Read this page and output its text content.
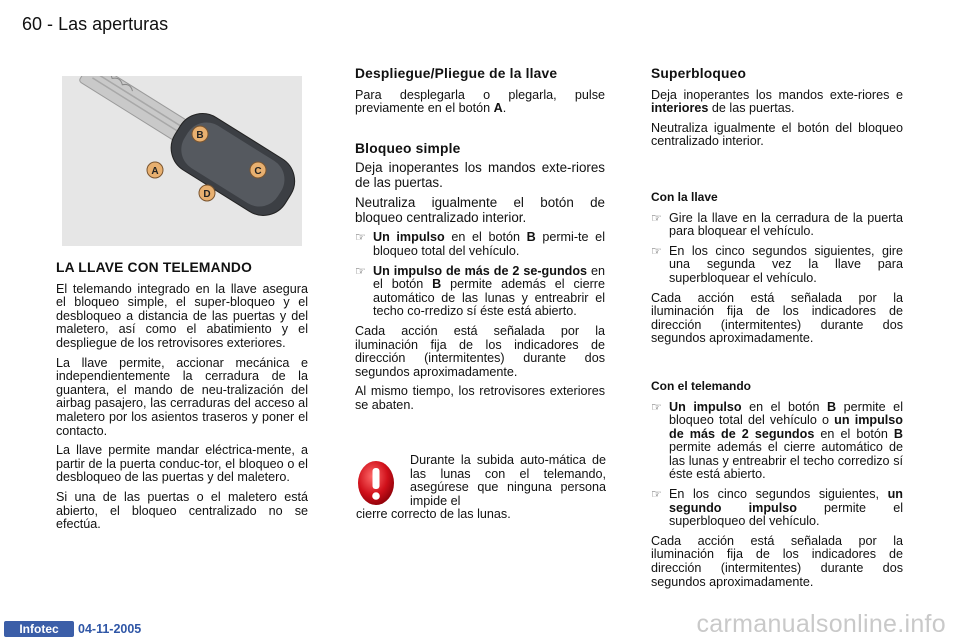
60 - Las aperturas
B
A	C
D
LA LLAVE CON TELEMANDO

El telemando integrado en la llave asegura el bloqueo simple, el super-bloqueo y el desbloqueo a distancia de las puertas y del maletero, así como el abatimiento y el despliegue de los retrovisores exteriores.

La llave permite, accionar mecánica e independientemente la cerradura de la guantera, el mando de neu-tralización del airbag pasajero, las cerraduras del acceso al maletero por los asientos traseros y poner el contacto.

La llave permite mandar eléctrica-mente, a partir de la puerta conduc-tor, el bloqueo o el desbloqueo de las puertas y del maletero.

Si una de las puertas o el maletero está abierto, el bloqueo centralizado no se efectúa.

Despliegue/Pliegue de la llave

Para desplegarla o plegarla, pulse previamente en el botón A.

Bloqueo simple

Deja inoperantes los mandos exte-riores de las puertas.

Neutraliza igualmente el botón de bloqueo centralizado interior.

☞ Un impulso en el botón B permi-te el bloqueo total del vehículo.
☞ Un impulso de más de 2 se-gundos en el botón B permite además el cierre automático de las lunas y entreabrir el techo co-rredizo sí éste está abierto.

Cada acción está señalada por la iluminación fija de los indicadores de dirección (intermitentes) durante dos segundos aproximadamente.

Al mismo tiempo, los retrovisores exteriores se abaten.

Durante la subida auto-mática de las lunas con el telemando, asegúrese que ninguna persona impide el
cierre correcto de las lunas.
Superbloqueo

Deja inoperantes los mandos exte-riores e interiores de las puertas.

Neutraliza igualmente el botón del bloqueo centralizado interior.

Con la llave
☞ Gire la llave en la cerradura de la puerta para bloquear el vehículo.
☞ En los cinco segundos siguientes, gire una segunda vez la llave para superbloquear el vehículo.

Cada acción está señalada por la iluminación fija de los indicadores de dirección (intermitentes) durante dos segundos aproximadamente.

Con el telemando
☞ Un impulso en el botón B permite el bloqueo total del vehículo o un impulso de más de 2 segundos en el botón B permite además el cierre automático de las lunas y entreabrir el techo corredizo sí éste está abierto.
☞ En los cinco segundos siguientes, un segundo impulso permite el superbloqueo del vehículo.

Cada acción está señalada por la iluminación fija de los indicadores de dirección (intermitentes) durante dos segundos aproximadamente.

Infotec	04-11-2005	carmanualsonline.info
